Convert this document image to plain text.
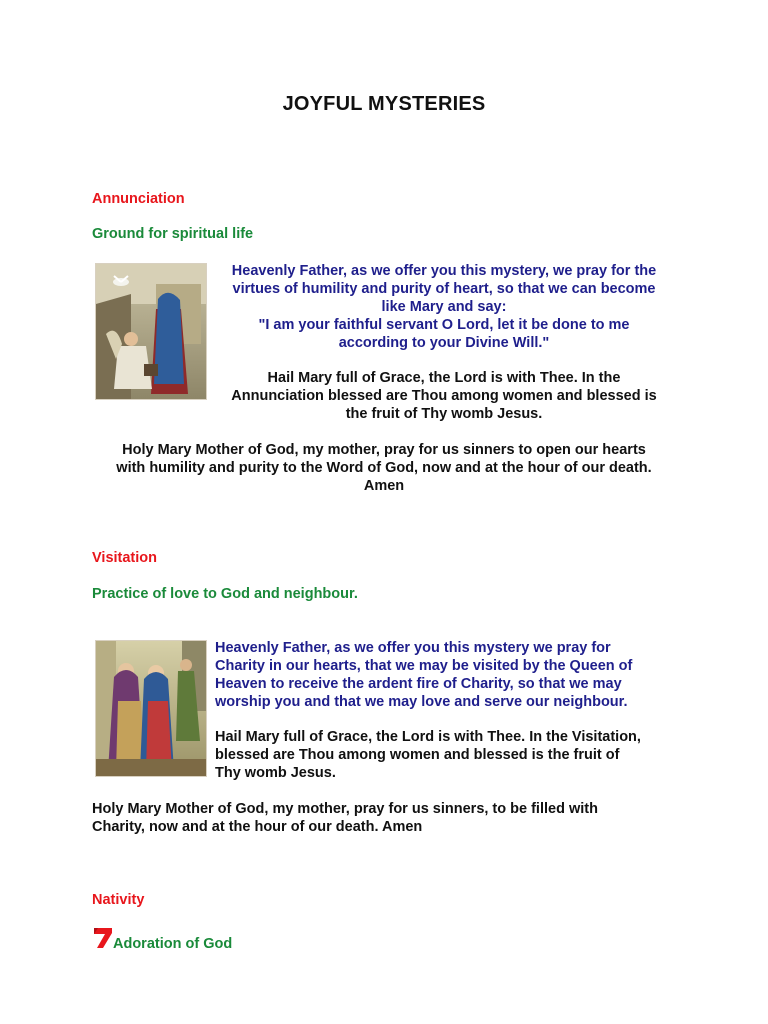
JOYFUL MYSTERIES
Annunciation
Ground for spiritual life
Heavenly Father, as we offer you this mystery, we pray for the
virtues of humility and purity of heart, so that we can become
like Mary and say:
"I am your faithful servant O Lord, let it be done to me
according to your Divine Will."
Hail Mary full of Grace, the Lord is with Thee. In the
Annunciation blessed are Thou among women and blessed is
the fruit of Thy womb Jesus.
Holy Mary Mother of God, my mother, pray for us sinners to open our hearts
with humility and purity to the Word of God, now and at the hour of our death.
Amen
Visitation
Practice of love to God and neighbour.
Heavenly Father, as we offer you this mystery we pray for
Charity in our hearts, that we may be visited by the Queen of
Heaven to receive the ardent fire of Charity, so that we may
worship you and that we may love and serve our neighbour.
Hail Mary full of Grace, the Lord is with Thee. In the Visitation,
blessed are Thou among women and blessed is the fruit of
Thy womb Jesus.
Holy Mary Mother of God, my mother, pray for us sinners, to be filled with
Charity, now and at the hour of our death. Amen
Nativity
Adoration of God
